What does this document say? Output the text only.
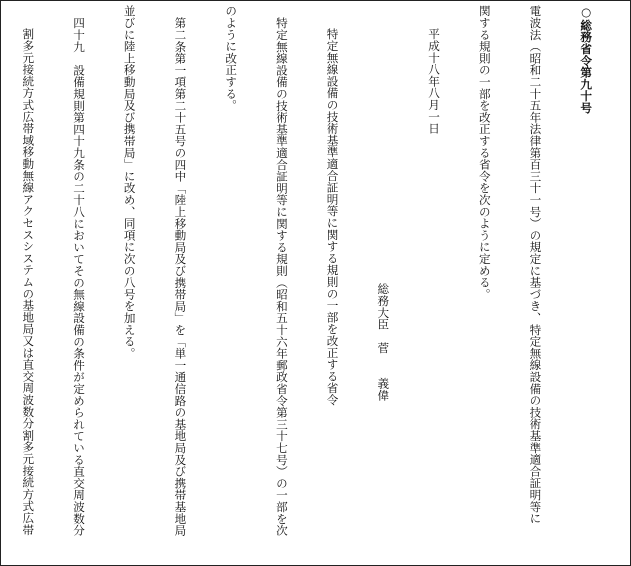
○総務省令第九十号

電波法（昭和二十五年法律第百三十一号）の規定に基づき、特定無線設備の技術基準適合証明等に

関する規則の一部を改正する省令を次のように定める。

平成十八年八月一日

総務大臣　菅　　義偉

特定無線設備の技術基準適合証明等に関する規則の一部を改正する省令

特定無線設備の技術基準適合証明等に関する規則（昭和五十六年郵政省令第三十七号）の一部を次

のように改正する。

第二条第一項第二十五号の四中「陸上移動局及び携帯局」を「単一通信路の基地局及び携帯基地局

並びに陸上移動局及び携帯局」に改め、同項に次の八号を加える。

四十九　設備規則第四十九条の二十八においてその無線設備の条件が定められている直交周波数分

割多元接続方式広帯域移動無線アクセスシステムの基地局又は直交周波数分割多元接続方式広帯
